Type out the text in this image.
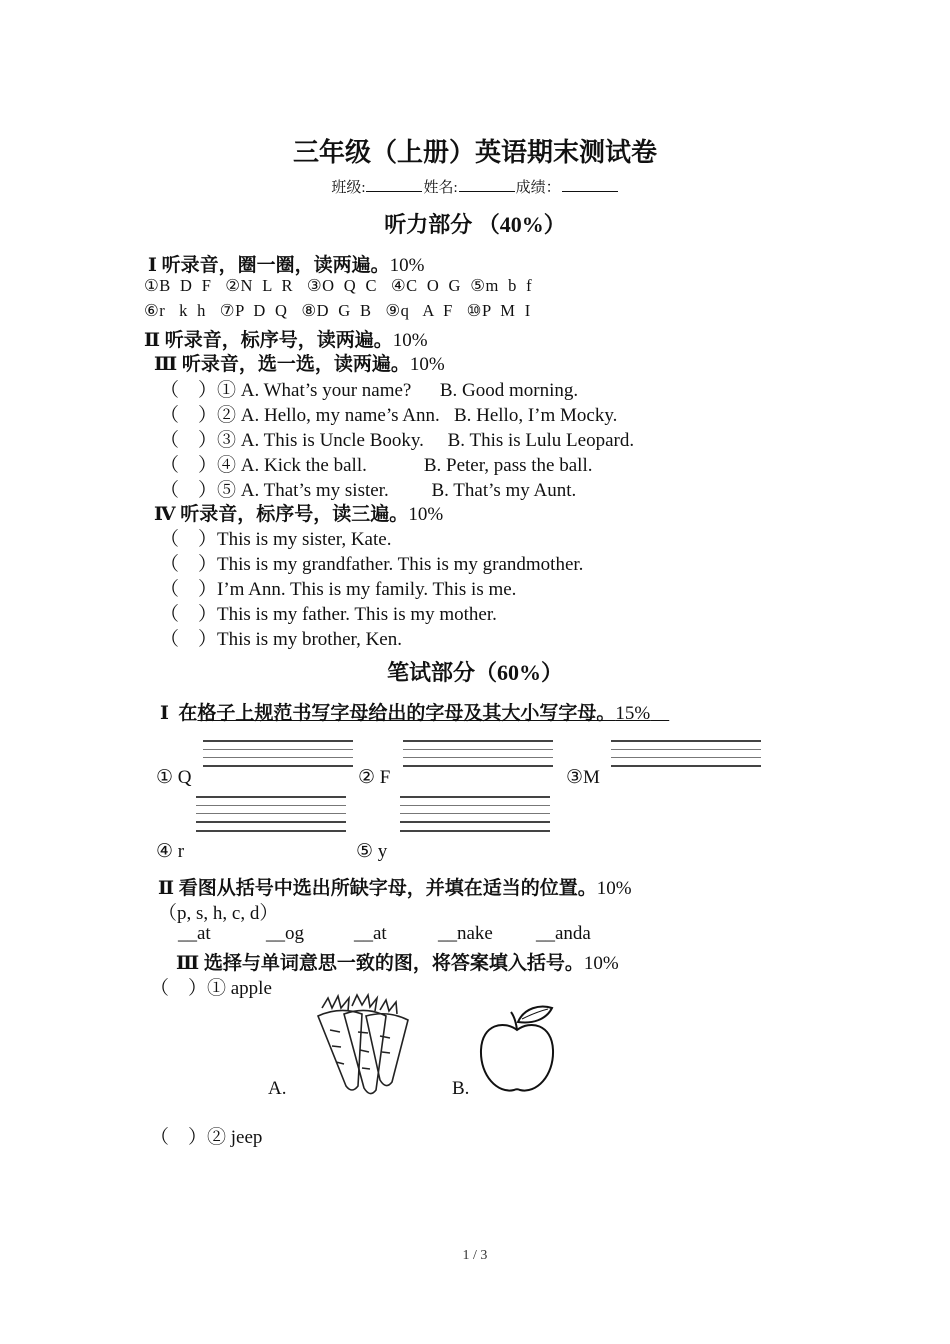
三年级（上册）英语期末测试卷
班级:	姓名:	成绩：
听力部分 （40%）
Ⅰ 听录音，圈一圈，读两遍。10%
①B  D  F   ②N  L  R   ③O  Q  C   ④C  O  G  ⑤m  b  f
⑥r   k  h   ⑦P  D  Q   ⑧D  G  B   ⑨q   A  F   ⑩P  M  I
Ⅱ 听录音，标序号，读两遍。10%
Ⅲ 听录音，选一选，读两遍。10%
（    ）① A. What’s your name?      B. Good morning.
（    ）② A. Hello, my name’s Ann.   B. Hello, I’m Mocky.
（    ）③ A. This is Uncle Booky.     B. This is Lulu Leopard.
（    ）④ A. Kick the ball.            B. Peter, pass the ball.
（    ）⑤ A. That’s my sister.         B. That’s my Aunt.
Ⅳ 听录音，标序号，读三遍。10%
（    ）This is my sister, Kate.
（    ）This is my grandfather. This is my grandmother.
（    ）I’m Ann. This is my family. This is me.
（    ）This is my father. This is my mother.
（    ）This is my brother, Ken.
笔试部分（60%）
Ⅰ  在格子上规范书写字母给出的字母及其大小写字母。15%
① Q	② F	③M
④ r	⑤ y
Ⅱ 看图从括号中选出所缺字母，并填在适当的位置。10%
（p, s, h, c, d）
__at	__og	__at	__nake __anda
Ⅲ 选择与单词意思一致的图，将答案填入括号。10%
（    ）① apple
A.	B.
（    ）② jeep
1 / 3
